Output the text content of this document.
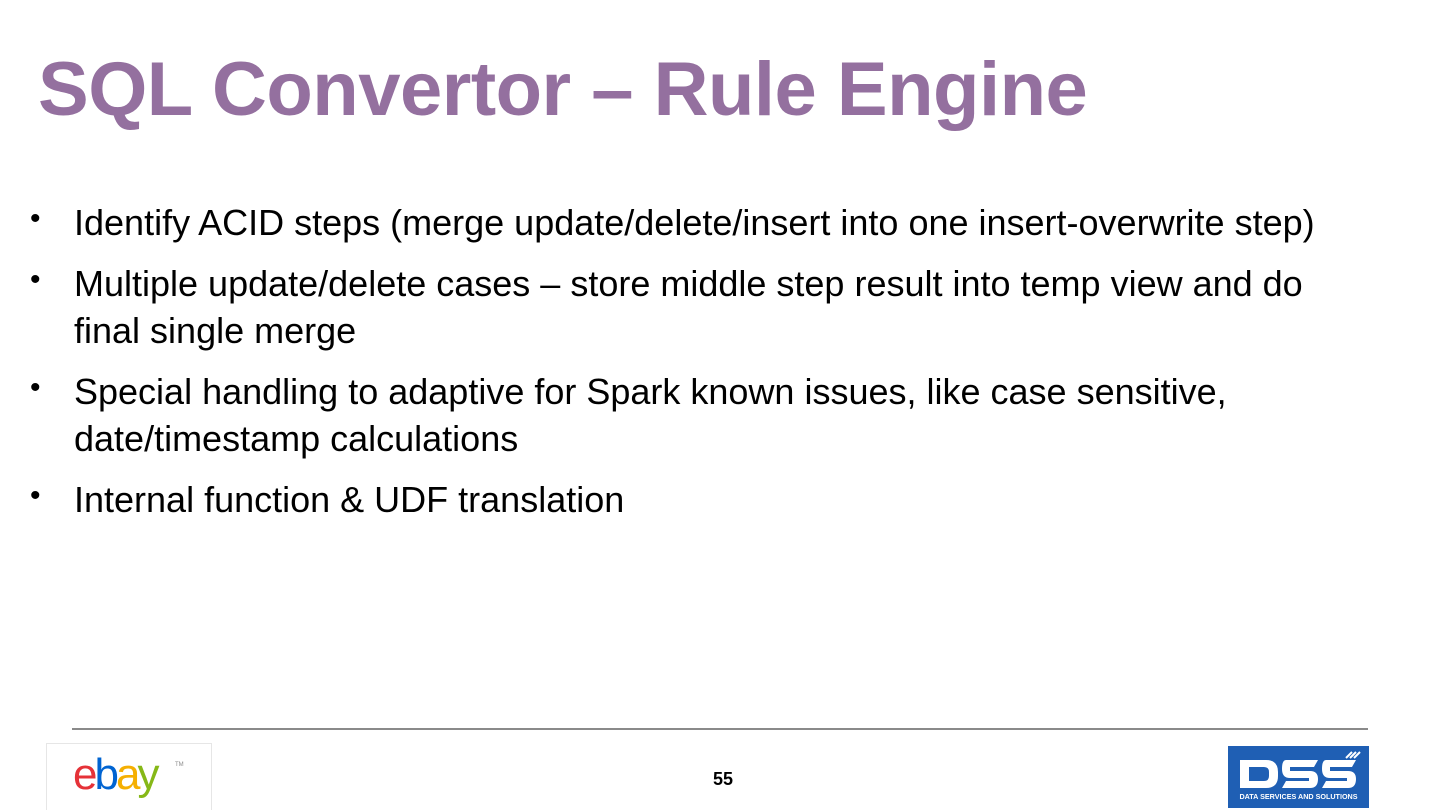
SQL Convertor – Rule Engine
• Identify ACID steps (merge update/delete/insert into one insert-overwrite step)
• Multiple update/delete cases – store middle step result into temp view and do final single merge
• Special handling to adaptive for Spark known issues, like case sensitive, date/timestamp calculations
• Internal function & UDF translation
ebay	TM
55
DATA SERVICES AND SOLUTIONS
